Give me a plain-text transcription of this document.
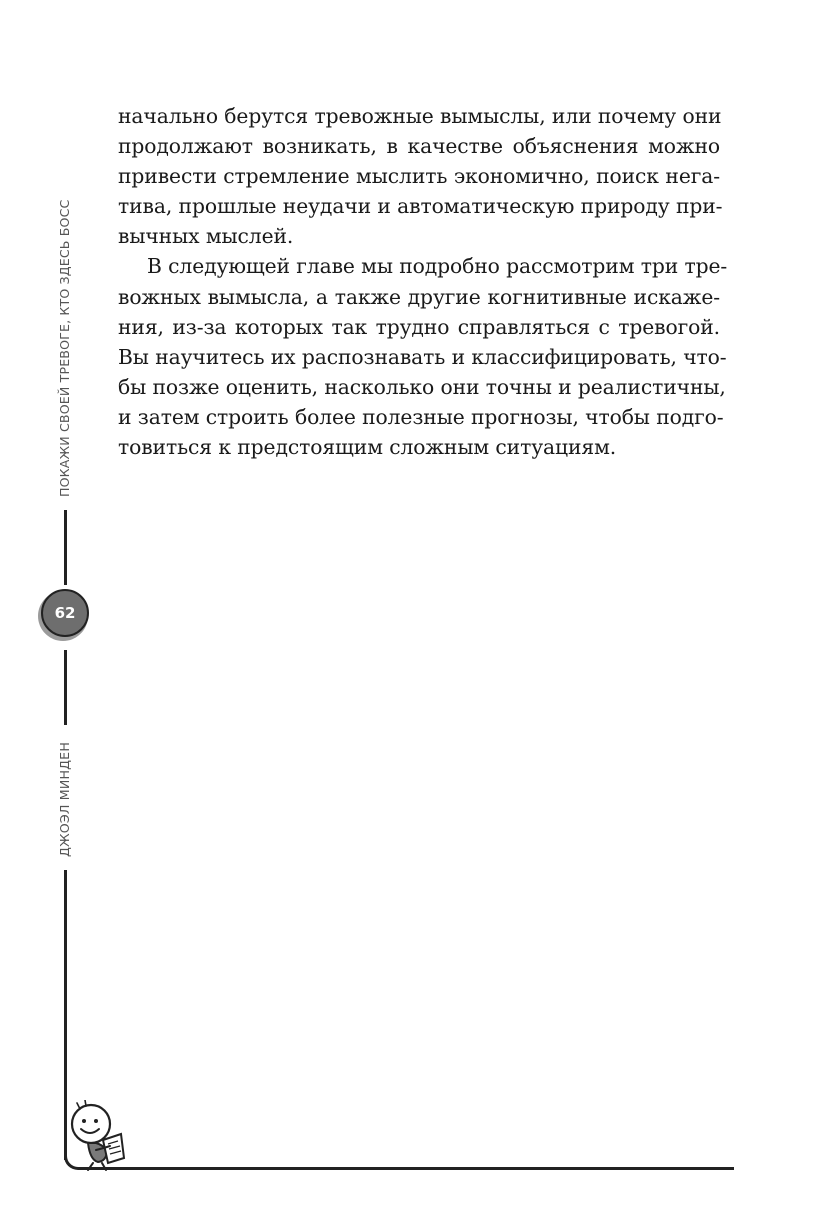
начально берутся тревожные вымыслы, или почему они
продолжают возникать, в качестве объяснения можно
привести стремление мыслить экономично, поиск нега-
тива, прошлые неудачи и автоматическую природу при-
вычных мыслей.
В следующей главе мы подробно рассмотрим три тре-
вожных вымысла, а также другие когнитивные искаже-
ния, из-за которых так трудно справляться с тревогой.
Вы научитесь их распознавать и классифицировать, что-
бы позже оценить, насколько они точны и реалистичны,
и затем строить более полезные прогнозы, чтобы подго-
товиться к предстоящим сложным ситуациям.
ПОКАЖИ СВОЕЙ ТРЕВОГЕ, КТО ЗДЕСЬ БОСС
62
ДЖОЭЛ МИНДЕН
